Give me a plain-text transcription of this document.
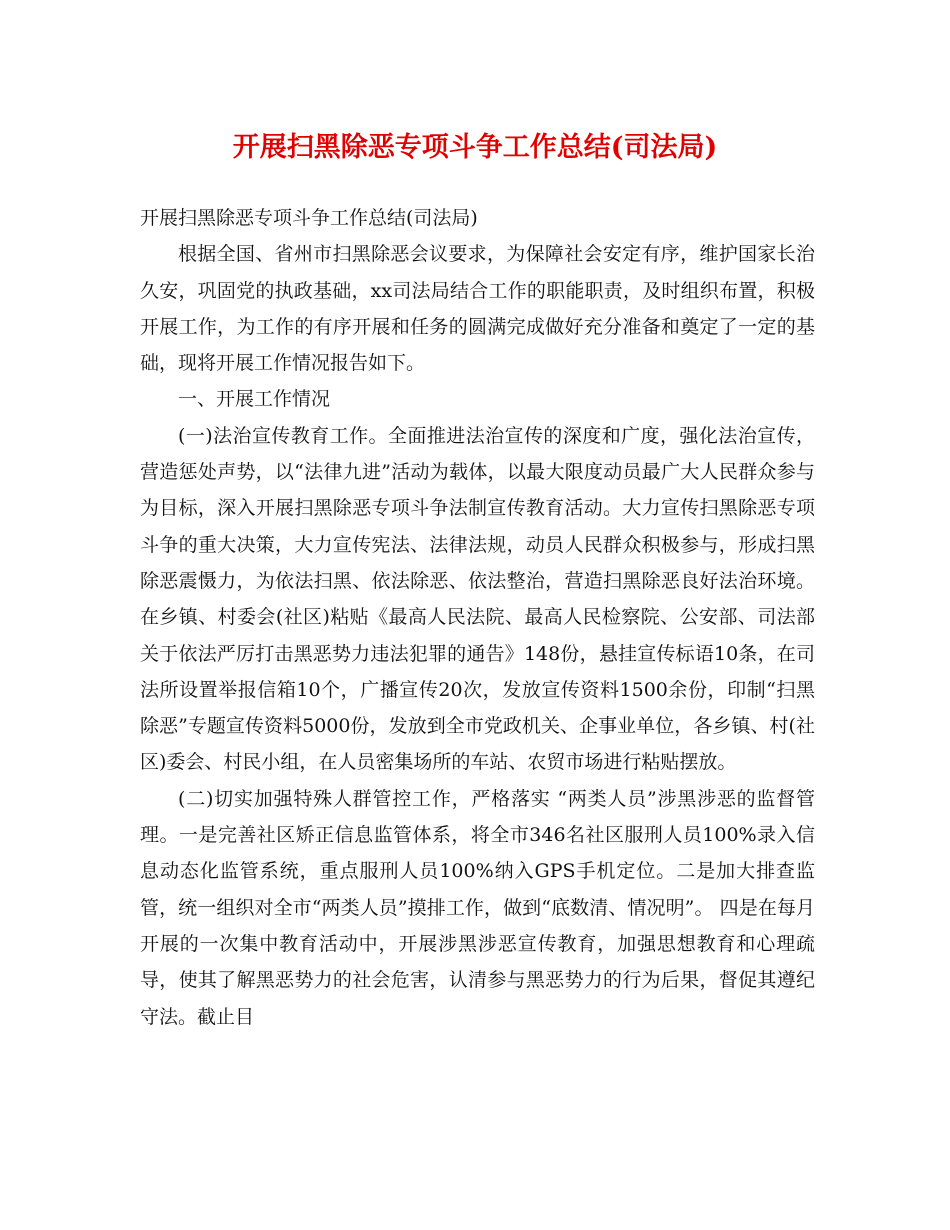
开展扫黑除恶专项斗争工作总结(司法局)

开展扫黑除恶专项斗争工作总结(司法局)

根据全国、省州市扫黑除恶会议要求，为保障社会安定有序，维护国家长治久安，巩固党的执政基础，xx司法局结合工作的职能职责，及时组织布置，积极开展工作，为工作的有序开展和任务的圆满完成做好充分准备和奠定了一定的基础，现将开展工作情况报告如下。

一、开展工作情况

(一)法治宣传教育工作。全面推进法治宣传的深度和广度，强化法治宣传，营造惩处声势，以“法律九进”活动为载体，以最大限度动员最广大人民群众参与为目标，深入开展扫黑除恶专项斗争法制宣传教育活动。大力宣传扫黑除恶专项斗争的重大决策，大力宣传宪法、法律法规，动员人民群众积极参与，形成扫黑除恶震慑力，为依法扫黑、依法除恶、依法整治，营造扫黑除恶良好法治环境。在乡镇、村委会(社区)粘贴《最高人民法院、最高人民检察院、公安部、司法部关于依法严厉打击黑恶势力违法犯罪的通告》148份，悬挂宣传标语10条，在司法所设置举报信箱10个，广播宣传20次，发放宣传资料1500余份，印制“扫黑除恶”专题宣传资料5000份，发放到全市党政机关、企事业单位，各乡镇、村(社区)委会、村民小组，在人员密集场所的车站、农贸市场进行粘贴摆放。

(二)切实加强特殊人群管控工作，严格落实 “两类人员”涉黑涉恶的监督管理。一是完善社区矫正信息监管体系，将全市346名社区服刑人员100%录入信息动态化监管系统，重点服刑人员100%纳入GPS手机定位。二是加大排查监管，统一组织对全市“两类人员”摸排工作，做到“底数清、情况明”。 四是在每月开展的一次集中教育活动中，开展涉黑涉恶宣传教育，加强思想教育和心理疏导，使其了解黑恶势力的社会危害，认清参与黑恶势力的行为后果，督促其遵纪守法。截止目
